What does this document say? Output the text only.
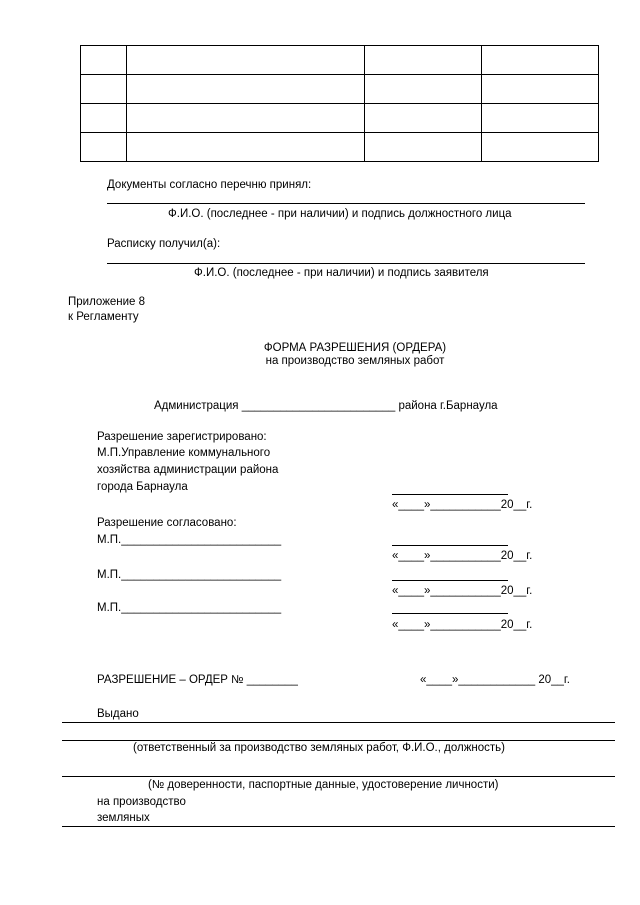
Документы согласно перечню принял:
Ф.И.О. (последнее - при наличии) и подпись должностного лица
Расписку получил(а):
Ф.И.О. (последнее - при наличии) и подпись заявителя
Приложение 8
к Регламенту
ФОРМА РАЗРЕШЕНИЯ (ОРДЕРА)
на производство земляных работ
Администрация ________________________ района г.Барнаула
Разрешение зарегистрировано:
М.П.Управление коммунального
хозяйства администрации района
города Барнаула
«____»___________20__г.
Разрешение согласовано:
М.П._________________________
«____»___________20__г.
М.П._________________________
«____»___________20__г.
М.П._________________________
«____»___________20__г.
РАЗРЕШЕНИЕ – ОРДЕР № ________	«____»____________ 20__г.
Выдано
(ответственный за производство земляных работ, Ф.И.О., должность)
(№ доверенности, паспортные данные, удостоверение личности)
на производство
земляных
